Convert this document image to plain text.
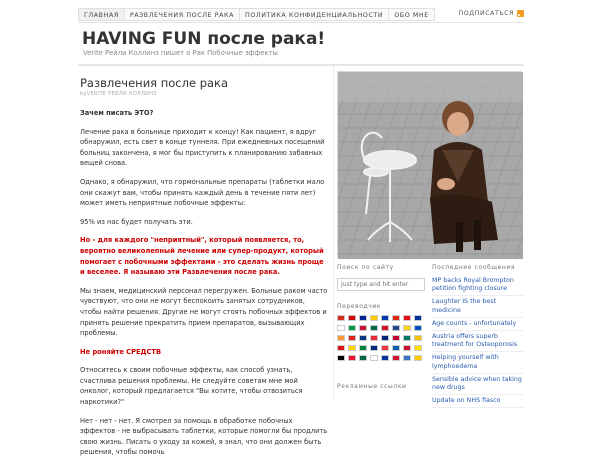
ГЛАВНАЯ	РАЗВЛЕЧЕНИЯ ПОСЛЕ РАКА	ПОЛИТИКА КОНФИДЕНЦИАЛЬНОСТИ	ОБО МНЕ	ПОДПИСАТЬСЯ
HAVING FUN после рака!
Verite Рейли Коллинз пишет о Рак Побочные эффекты
Развлечения после рака
byVERITE РЕЙЛИ КОЛЛИНЗ

Зачем писать ЭТО?

Лечение рака в больнице приходит к концу! Как пациент, я вдруг обнаружил, есть свет в конце туннеля. При ежедневных посещений больниц закончена, я мог бы приступить к планированию забавных вещей снова.

Однако, я обнаружил, что гормональные препараты (таблетки мало они скажут вам, чтобы принять каждый день в течение пяти лет) может иметь неприятные побочные эффекты:

95% из нас будет получать эти.

Но - для каждого "неприятный", который появляется, то, вероятно великолепный лечение или супер-продукт, который помогает с побочными эффектами - это сделать жизнь проще и веселее. Я называю эти Развлечения после рака.

Мы знаем, медицинский персонал перегружен. Больные раком часто чувствуют, что они не могут беспокоить занятых сотрудников, чтобы найти решения. Другие не могут стоять побочных эффектов и принять решение прекратить прием препаратов, вызывающих проблемы.

Не роняйте СРЕДСТВ

Относитесь к своим побочные эффекты, как способ узнать, счастлива решения проблемы. Не следуйте советам мне мой онколог, который предлагается "Вы хотите, чтобы отвозиться наркотики?"

Нет - нет - нет. Я смотрел за помощь в обработке побочных эффектов - не выбрасывать таблетки, которые помогли бы продлить свою жизнь. Писать о уходу за кожей, я знал, что они должен быть решения, чтобы помочь

Поиск по сайту
Just type and hit enter
Переводчик
Рекламные ссылки
Последние сообщения
MP backs Royal Brompton petition fighting closure
Laughter IS the best medicine
Age counts - unfortunately
Austria offers superb treatment for Osteoporosis
Helping yourself with lymphoedema
Sensible advice when taking new drugs
Update on NHS fiasco
